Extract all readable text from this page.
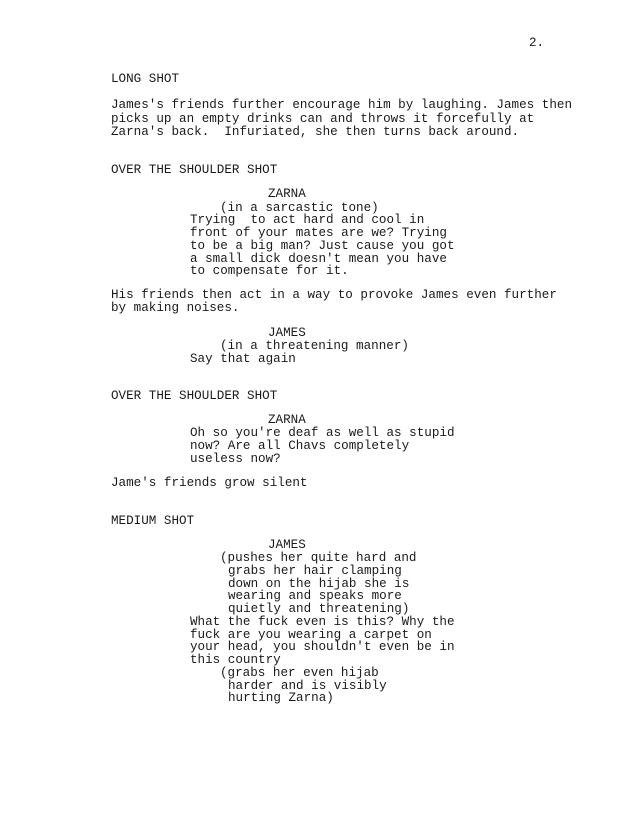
2.
LONG SHOT
James's friends further encourage him by laughing. James then
picks up an empty drinks can and throws it forcefully at
Zarna's back.  Infuriated, she then turns back around.
OVER THE SHOULDER SHOT
ZARNA
(in a sarcastic tone)
Trying  to act hard and cool in
front of your mates are we? Trying
to be a big man? Just cause you got
a small dick doesn't mean you have
to compensate for it.
His friends then act in a way to provoke James even further
by making noises.
JAMES
(in a threatening manner)
Say that again
OVER THE SHOULDER SHOT
ZARNA
Oh so you're deaf as well as stupid
now? Are all Chavs completely
useless now?
Jame's friends grow silent
MEDIUM SHOT
JAMES
(pushes her quite hard and
grabs her hair clamping
down on the hijab she is
wearing and speaks more
quietly and threatening)
What the fuck even is this? Why the
fuck are you wearing a carpet on
your head, you shouldn't even be in
this country
(grabs her even hijab
harder and is visibly
hurting Zarna)
